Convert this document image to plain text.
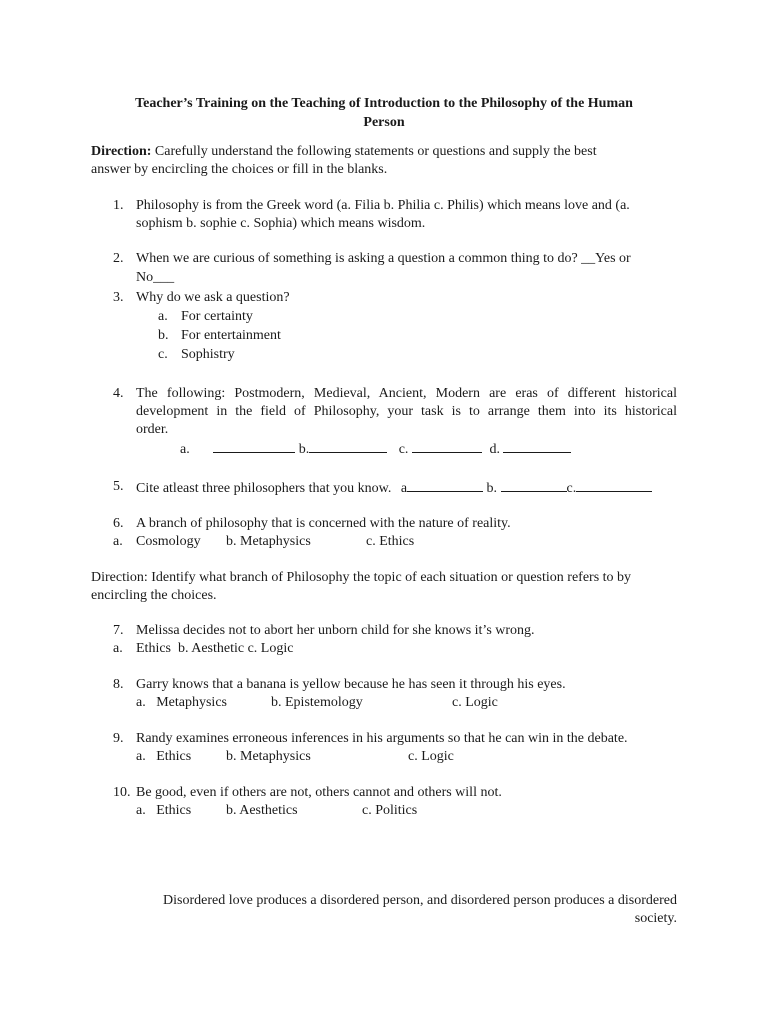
Teacher’s Training on the Teaching of Introduction to the Philosophy of the Human
Person
Direction: Carefully understand the following statements or questions and supply the best
answer by encircling the choices or fill in the blanks.
1. Philosophy is from the Greek word (a. Filia b. Philia c. Philis) which means love and (a.
sophism b. sophie c. Sophia) which means wisdom.
2. When we are curious of something is asking a question a common thing to do? __Yes or
No___
3. Why do we ask a question?
a. For certainty
b. For entertainment
c. Sophistry
4. The following: Postmodern, Medieval, Ancient, Modern are eras of different historical
development in the field of Philosophy, your task is to arrange them into its historical
order.
a.	b.	c.	d.
5. Cite atleast three philosophers that you know. a	b.	c.
6. A branch of philosophy that is concerned with the nature of reality.
a. Cosmology b. Metaphysics	c. Ethics
Direction: Identify what branch of Philosophy the topic of each situation or question refers to by
encircling the choices.
7. Melissa decides not to abort her unborn child for she knows it’s wrong.
a. Ethics  b. Aesthetic c. Logic
8. Garry knows that a banana is yellow because he has seen it through his eyes.
a.   Metaphysics	b. Epistemology	c. Logic
9. Randy examines erroneous inferences in his arguments so that he can win in the debate.
a.   Ethics b. Metaphysics	c. Logic
10. Be good, even if others are not, others cannot and others will not.
a.   Ethics b. Aesthetics	c. Politics
Disordered love produces a disordered person, and disordered person produces a disordered
society.
